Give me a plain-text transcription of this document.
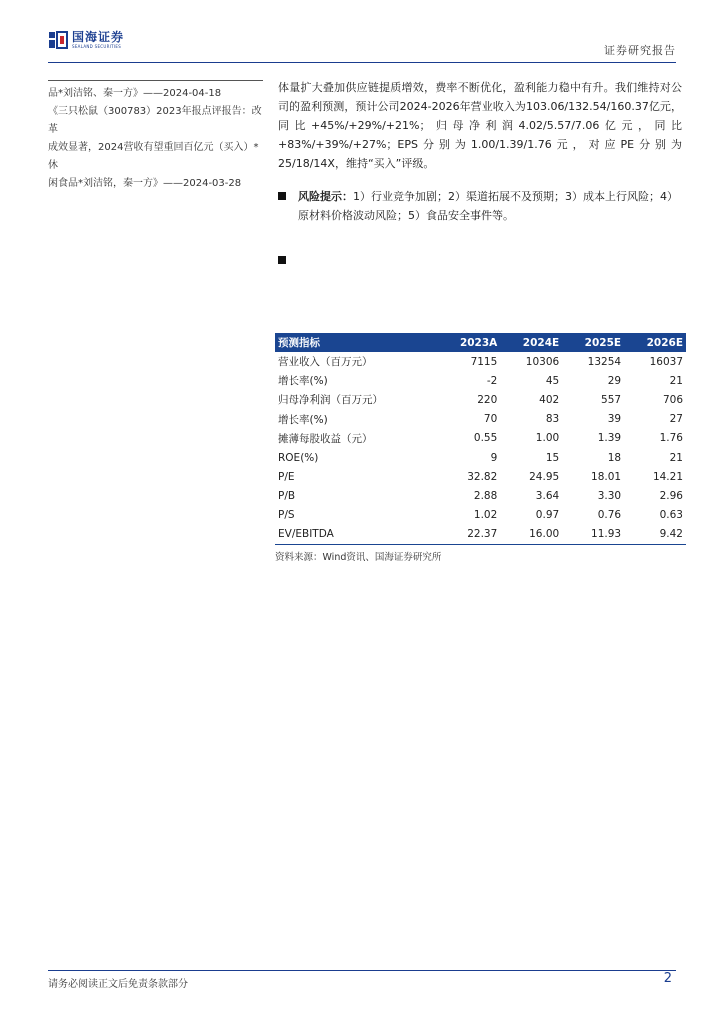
国海证券
SEALAND SECURITIES	证券研究报告
品*刘洁铭、秦一方》——2024-04-18
《三只松鼠（300783）2023年报点评报告：改革
成效显著，2024营收有望重回百亿元（买入）*休
闲食品*刘洁铭，秦一方》——2024-03-28

体量扩大叠加供应链提质增效，费率不断优化，盈利能力稳中有升。我们维持对公司的盈利预测，预计公司2024-2026年营业收入为103.06/132.54/160.37亿元，同比+45%/+29%/+21%；归母净利润4.02/5.57/7.06亿元，同比+83%/+39%/+27%；EPS分别为1.00/1.39/1.76元，对应PE分别为25/18/14X，维持“买入”评级。

风险提示：1）行业竞争加剧；2）渠道拓展不及预期；3）成本上行风险；4）原材料价格波动风险；5）食品安全事件等。
预测指标	2023A	2024E	2025E	2026E
营业收入（百万元）	7115	10306	13254	16037
增长率(%)	-2	45	29	21
归母净利润（百万元）	220	402	557	706
增长率(%)	70	83	39	27
摊薄每股收益（元）	0.55	1.00	1.39	1.76
ROE(%)	9	15	18	21
P/E	32.82	24.95	18.01	14.21
P/B	2.88	3.64	3.30	2.96
P/S	1.02	0.97	0.76	0.63
EV/EBITDA	22.37	16.00	11.93	9.42
资料来源：Wind资讯、国海证券研究所
请务必阅读正文后免责条款部分	2
